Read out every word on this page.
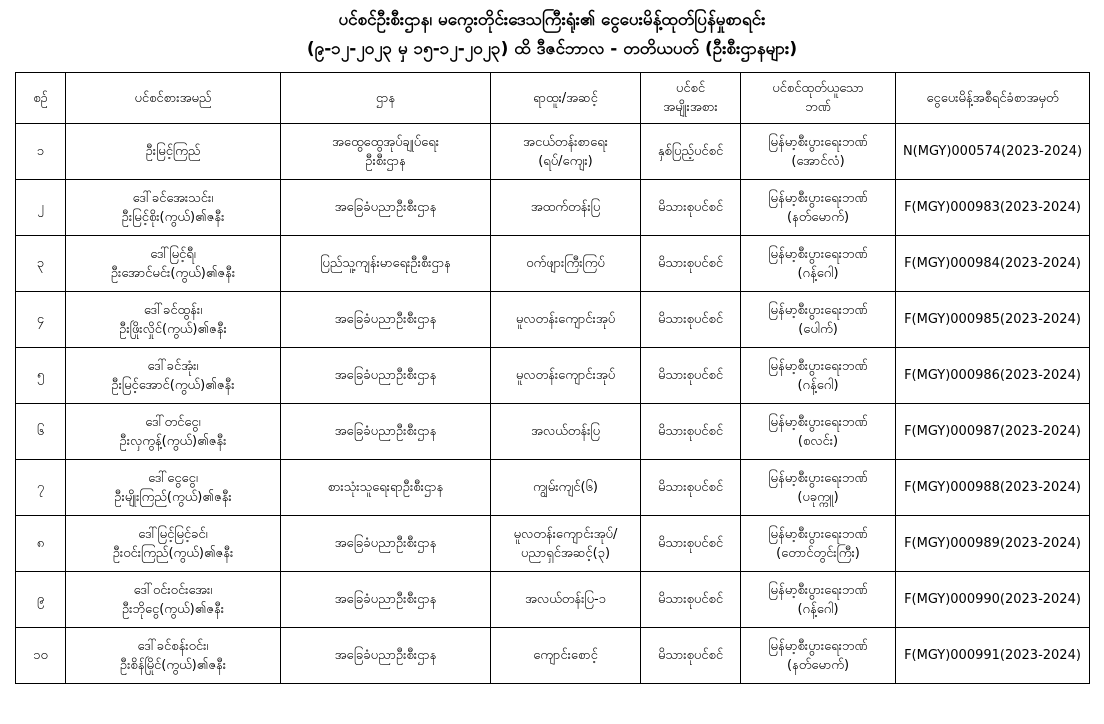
ပင်စင်ဦးစီးဌာန၊ မကွေးတိုင်းဒေသကြီးရုံး၏ ငွေပေးမိန့်ထုတ်ပြန်မှုစာရင်း
(၉-၁၂-၂၀၂၃ မှ ၁၅-၁၂-၂၀၂၃) ထိ ဒီဇင်ဘာလ - တတိယပတ် (ဦးစီးဌာနများ)
စဉ်	ပင်စင်စားအမည်	ဌာန	ရာထူး/အဆင့်	ပင်စင်
အမျိုးအစား	ပင်စင်ထုတ်ယူသော
ဘဏ်	ငွေပေးမိန့်အစီရင်ခံစာအမှတ်

၁	ဦးမြင့်ကြည်	အထွေထွေအုပ်ချုပ်ရေး
ဦးစီးဌာန	အငယ်တန်းစာရေး
(ရပ်/ကျေး)	နှစ်ပြည့်ပင်စင်	မြန်မာ့စီးပွားရေးဘဏ်
(အောင်လံ)	N(MGY)000574(2023-2024)

၂	ဒေါ်ခင်အေးသင်း၊
ဦးမြင့်စိုး(ကွယ်)၏ဇနီး	အခြေခံပညာဦးစီးဌာန	အထက်တန်းပြ	မိသားစုပင်စင်	မြန်မာ့စီးပွားရေးဘဏ်
(နတ်မောက်)	F(MGY)000983(2023-2024)

၃	ဒေါ်မြင့်ရီ၊
ဦးအောင်မင်း(ကွယ်)၏ဇနီး	ပြည်သူ့ကျန်းမာရေးဦးစီးဌာန	ဝက်ဖျားကြီးကြပ်	မိသားစုပင်စင်	မြန်မာ့စီးပွားရေးဘဏ်
(ဂန့်ဂေါ)	F(MGY)000984(2023-2024)

၄	ဒေါ်ခင်ထွန်း၊
ဦးဖြိုးလှိုင်(ကွယ်)၏ဇနီး	အခြေခံပညာဦးစီးဌာန	မူလတန်းကျောင်းအုပ်	မိသားစုပင်စင်	မြန်မာ့စီးပွားရေးဘဏ်
(ပေါက်)	F(MGY)000985(2023-2024)

၅	ဒေါ်ခင်အုံး၊
ဦးမြင့်အောင်(ကွယ်)၏ဇနီး	အခြေခံပညာဦးစီးဌာန	မူလတန်းကျောင်းအုပ်	မိသားစုပင်စင်	မြန်မာ့စီးပွားရေးဘဏ်
(ဂန့်ဂေါ)	F(MGY)000986(2023-2024)

၆	ဒေါ်တင်ငွေ၊
ဦးလှကွန့်(ကွယ်)၏ဇနီး	အခြေခံပညာဦးစီးဌာန	အလယ်တန်းပြ	မိသားစုပင်စင်	မြန်မာ့စီးပွားရေးဘဏ်
(စလင်း)	F(MGY)000987(2023-2024)

၇	ဒေါ်ငွေငွေ၊
ဦးမျိုးကြည်(ကွယ်)၏ဇနီး	စားသုံးသူရေးရာဦးစီးဌာန	ကျွမ်းကျင်(၆)	မိသားစုပင်စင်	မြန်မာ့စီးပွားရေးဘဏ်
(ပခုက္ကူ)	F(MGY)000988(2023-2024)

၈	ဒေါ်မြင့်မြင့်ခင်၊
ဦးဝင်းကြည်(ကွယ်)၏ဇနီး	အခြေခံပညာဦးစီးဌာန	မူလတန်းကျောင်းအုပ်/
ပညာရှင်အဆင့်(၃)	မိသားစုပင်စင်	မြန်မာ့စီးပွားရေးဘဏ်
(တောင်တွင်းကြီး)	F(MGY)000989(2023-2024)

၉	ဒေါ်ဝင်းဝင်းအေး၊
ဦးဘိုငွေ(ကွယ်)၏ဇနီး	အခြေခံပညာဦးစီးဌာန	အလယ်တန်းပြ-၁	မိသားစုပင်စင်	မြန်မာ့စီးပွားရေးဘဏ်
(ဂန့်ဂေါ)	F(MGY)000990(2023-2024)

၁၀	ဒေါ်ခင်စန်းဝင်း၊
ဦးစိန်မြိုင်(ကွယ်)၏ဇနီး	အခြေခံပညာဦးစီးဌာန	ကျောင်းစောင့်	မိသားစုပင်စင်	မြန်မာ့စီးပွားရေးဘဏ်
(နတ်မောက်)	F(MGY)000991(2023-2024)
